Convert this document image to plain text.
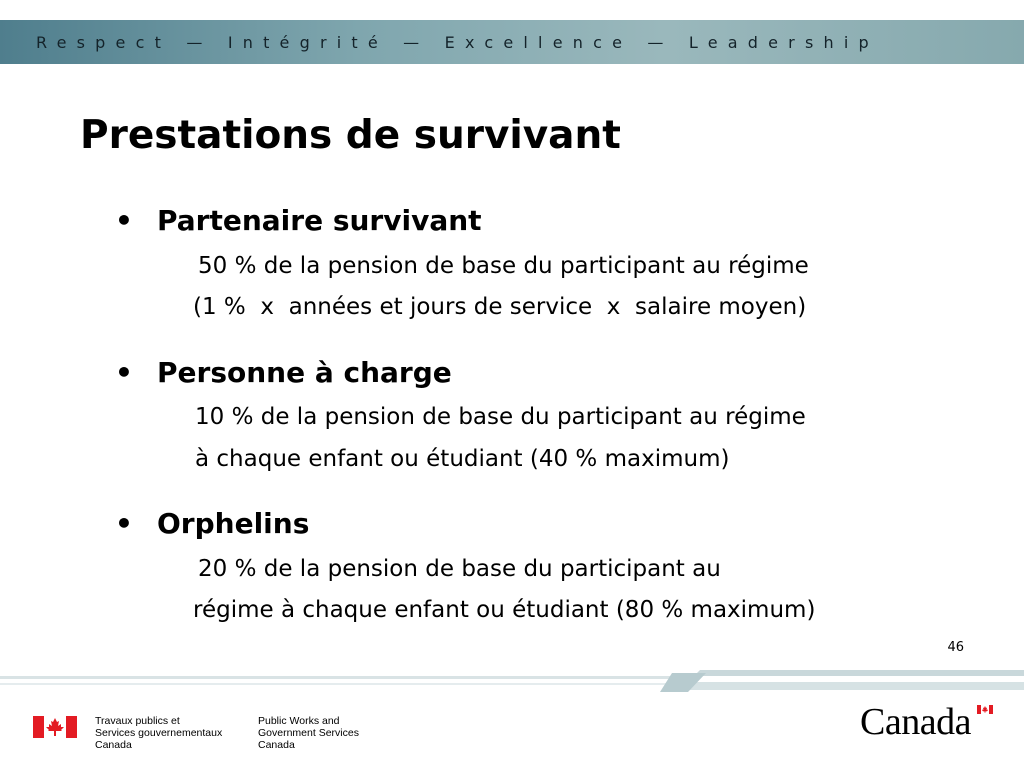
Respect — Intégrité — Excellence — Leadership
Prestations de survivant
• Partenaire survivant
50 % de la pension de base du participant au régime
(1 %  x  années et jours de service  x  salaire moyen)
• Personne à charge
10 % de la pension de base du participant au régime
à chaque enfant ou étudiant (40 % maximum)
• Orphelins
20 % de la pension de base du participant au
régime à chaque enfant ou étudiant (80 % maximum)
46
Travaux publics et
Services gouvernementaux
Canada
Public Works and
Government Services
Canada
Canada
